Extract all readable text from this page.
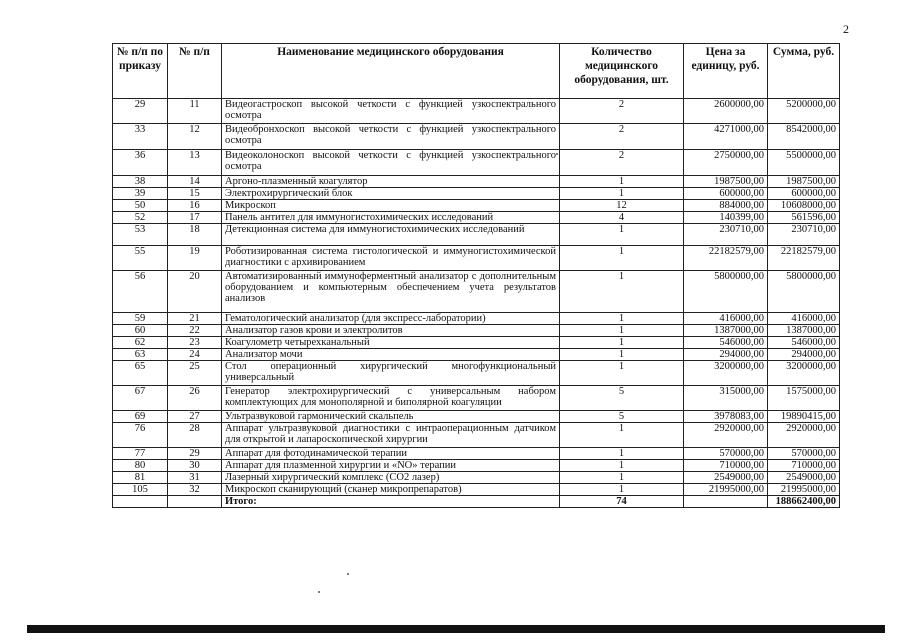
2
№ п/п по приказу	№ п/п	Наименование медицинского оборудования	Количество медицинского оборудования, шт.	Цена за единицу, руб.	Сумма, руб.
29	11	Видеогастроскоп высокой четкости с функцией узкоспектрального осмотра	2	2600000,00	5200000,00
33	12	Видеобронхоскоп высокой четкости с функцией узкоспектрального осмотра	2	4271000,00	8542000,00
36	13	Видеоколоноскоп высокой четкости с функцией узкоспектрального осмотра	2	2750000,00	5500000,00
38	14	Аргоно-плазменный коагулятор	1	1987500,00	1987500,00
39	15	Электрохирургический блок	1	600000,00	600000,00
50	16	Микроскоп	12	884000,00	10608000,00
52	17	Панель антител для иммуногистохимических исследований	4	140399,00	561596,00
53	18	Детекционная система для иммуногистохимических исследований	1	230710,00	230710,00
55	19	Роботизированная система гистологической и иммуногистохимической диагностики с архивированием	1	22182579,00	22182579,00
56	20	Автоматизированный иммуноферментный анализатор с дополнительным оборудованием и компьютерным обеспечением учета результатов анализов	1	5800000,00	5800000,00
59	21	Гематологический анализатор (для экспресс-лаборатории)	1	416000,00	416000,00
60	22	Анализатор газов крови и электролитов	1	1387000,00	1387000,00
62	23	Коагулометр четырехканальный	1	546000,00	546000,00
63	24	Анализатор мочи	1	294000,00	294000,00
65	25	Стол операционный хирургический многофункциональный универсальный	1	3200000,00	3200000,00
67	26	Генератор электрохирургический с универсальным набором комплектующих для монополярной и биполярной коагуляции	5	315000,00	1575000,00
69	27	Ультразвуковой гармонический скальпель	5	3978083,00	19890415,00
76	28	Аппарат ультразвуковой диагностики с интраоперационным датчиком для открытой и лапароскопической хирургии	1	2920000,00	2920000,00
77	29	Аппарат для фотодинамической терапии	1	570000,00	570000,00
80	30	Аппарат для плазменной хирургии и «NO» терапии	1	710000,00	710000,00
81	31	Лазерный хирургический комплекс (CO2 лазер)	1	2549000,00	2549000,00
105	32	Микроскоп сканирующий (сканер микропрепаратов)	1	21995000,00	21995000,00
		Итого:	74		188662400,00
